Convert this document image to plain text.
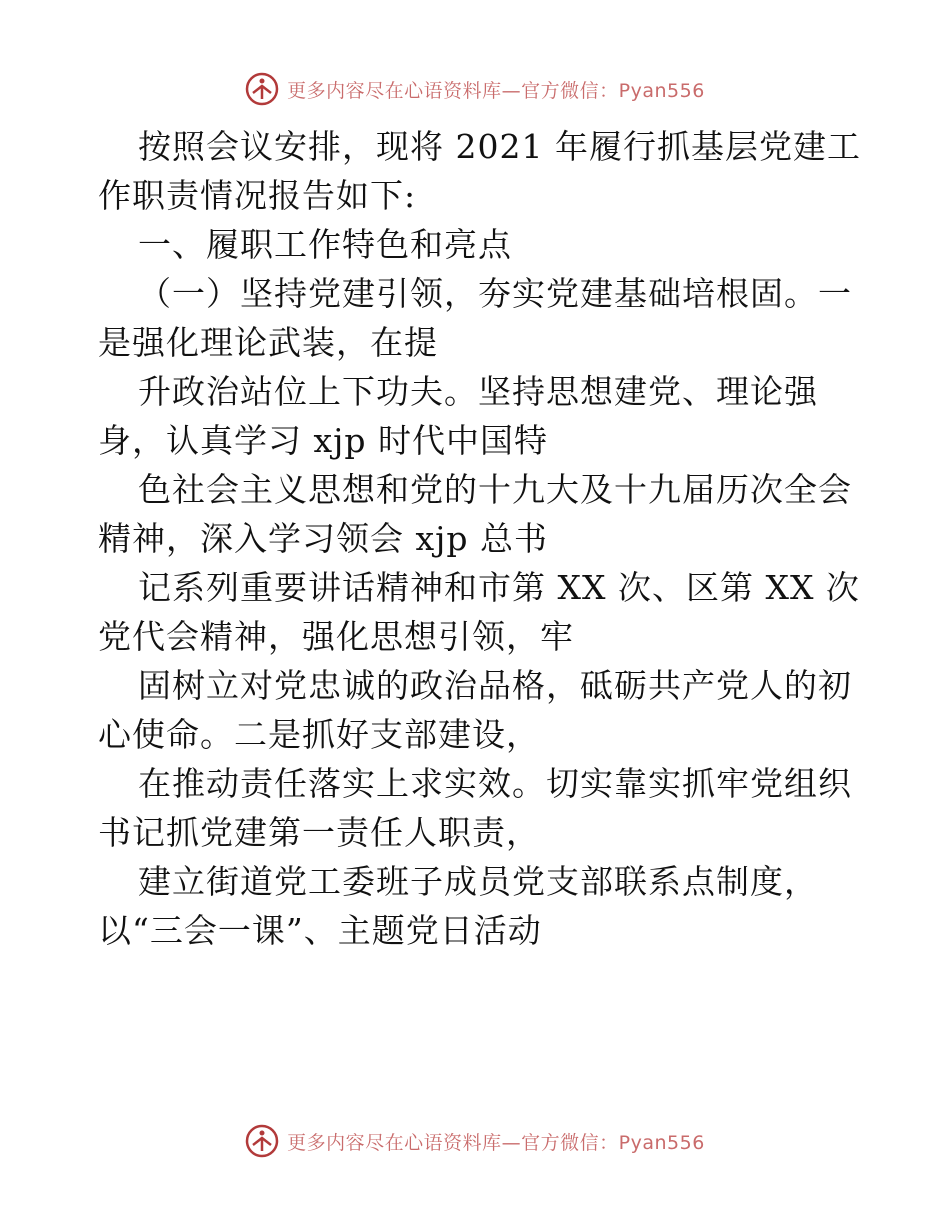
更多内容尽在心语资料库—官方微信：Pyan556
按照会议安排，现将 2021 年履行抓基层党建工
作职责情况报告如下:
一、履职工作特色和亮点
（一）坚持党建引领，夯实党建基础培根固。一
是强化理论武装，在提
升政治站位上下功夫。坚持思想建党、理论强
身，认真学习 xjp 时代中国特
色社会主义思想和党的十九大及十九届历次全会
精神，深入学习领会 xjp 总书
记系列重要讲话精神和市第 XX 次、区第 XX 次
党代会精神，强化思想引领，牢
固树立对党忠诚的政治品格，砥砺共产党人的初
心使命。二是抓好支部建设，
在推动责任落实上求实效。切实靠实抓牢党组织
书记抓党建第一责任人职责，
建立街道党工委班子成员党支部联系点制度，
以“三会一课”、主题党日活动
更多内容尽在心语资料库—官方微信：Pyan556
